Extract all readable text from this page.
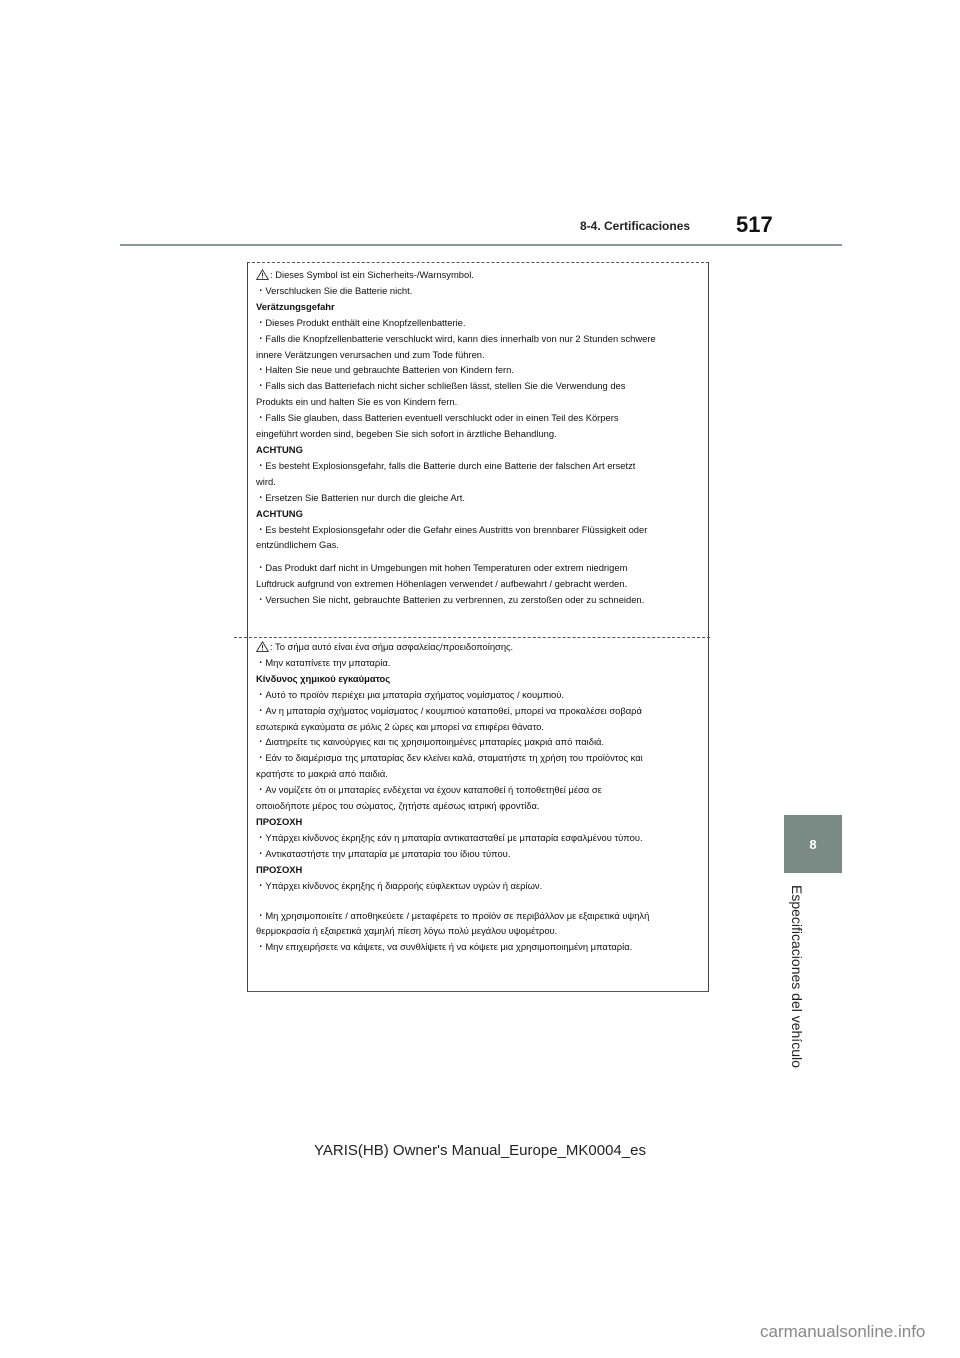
8-4. Certificaciones 517
8
Especificaciones del vehículo
: Dieses Symbol ist ein Sicherheits-/Warnsymbol.
・Verschlucken Sie die Batterie nicht.
Verätzungsgefahr
・Dieses Produkt enthält eine Knopfzellenbatterie.
・Falls die Knopfzellenbatterie verschluckt wird, kann dies innerhalb von nur 2 Stunden schwere
innere Verätzungen verursachen und zum Tode führen.
・Halten Sie neue und gebrauchte Batterien von Kindern fern.
・Falls sich das Batteriefach nicht sicher schließen lässt, stellen Sie die Verwendung des
Produkts ein und halten Sie es von Kindern fern.
・Falls Sie glauben, dass Batterien eventuell verschluckt oder in einen Teil des Körpers
eingeführt worden sind, begeben Sie sich sofort in ärztliche Behandlung.
ACHTUNG
・Es besteht Explosionsgefahr, falls die Batterie durch eine Batterie der falschen Art ersetzt
wird.
・Ersetzen Sie Batterien nur durch die gleiche Art.
ACHTUNG
・Es besteht Explosionsgefahr oder die Gefahr eines Austritts von brennbarer Flüssigkeit oder
entzündlichem Gas.
・Das Produkt darf nicht in Umgebungen mit hohen Temperaturen oder extrem niedrigem
Luftdruck aufgrund von extremen Höhenlagen verwendet / aufbewahrt / gebracht werden.
・Versuchen Sie nicht, gebrauchte Batterien zu verbrennen, zu zerstoßen oder zu schneiden.
: Το σήμα αυτό είναι ένα σήμα ασφαλείας/προειδοποίησης.
・Μην καταπίνετε την μπαταρία.
Κίνδυνος χημικού εγκαύματος
・Αυτό το προϊόν περιέχει μια μπαταρία σχήματος νομίσματος / κουμπιού.
・Αν η μπαταρία σχήματος νομίσματος / κουμπιού καταποθεί, μπορεί να προκαλέσει σοβαρά
εσωτερικά εγκαύματα σε μόλις 2 ώρες και μπορεί να επιφέρει θάνατο.
・Διατηρείτε τις καινούργιες και τις χρησιμοποιημένες μπαταρίες μακριά από παιδιά.
・Εάν το διαμέρισμα της μπαταρίας δεν κλείνει καλά, σταματήστε τη χρήση του προϊόντος και
κρατήστε το μακριά από παιδιά.
・Αν νομίζετε ότι οι μπαταρίες ενδέχεται να έχουν καταποθεί ή τοποθετηθεί μέσα σε
οποιοδήποτε μέρος του σώματος, ζητήστε αμέσως ιατρική φροντίδα.
ΠΡΟΣΟΧΗ
・Υπάρχει κίνδυνος έκρηξης εάν η μπαταρία αντικατασταθεί με μπαταρία εσφαλμένου τύπου.
・Αντικαταστήστε την μπαταρία με μπαταρία του ίδιου τύπου.
ΠΡΟΣΟΧΗ
・Υπάρχει κίνδυνος έκρηξης ή διαρροής εύφλεκτων υγρών ή αερίων.
・Μη χρησιμοποιείτε / αποθηκεύετε / μεταφέρετε το προϊόν σε περιβάλλον με εξαιρετικά υψηλή
θερμοκρασία ή εξαιρετικά χαμηλή πίεση λόγω πολύ μεγάλου υψομέτρου.
・Μην επιχειρήσετε να κάψετε, να συνθλίψετε ή να κόψετε μια χρησιμοποιημένη μπαταρία.
YARIS(HB) Owner's Manual_Europe_MK0004_es
carmanualsonline.info
